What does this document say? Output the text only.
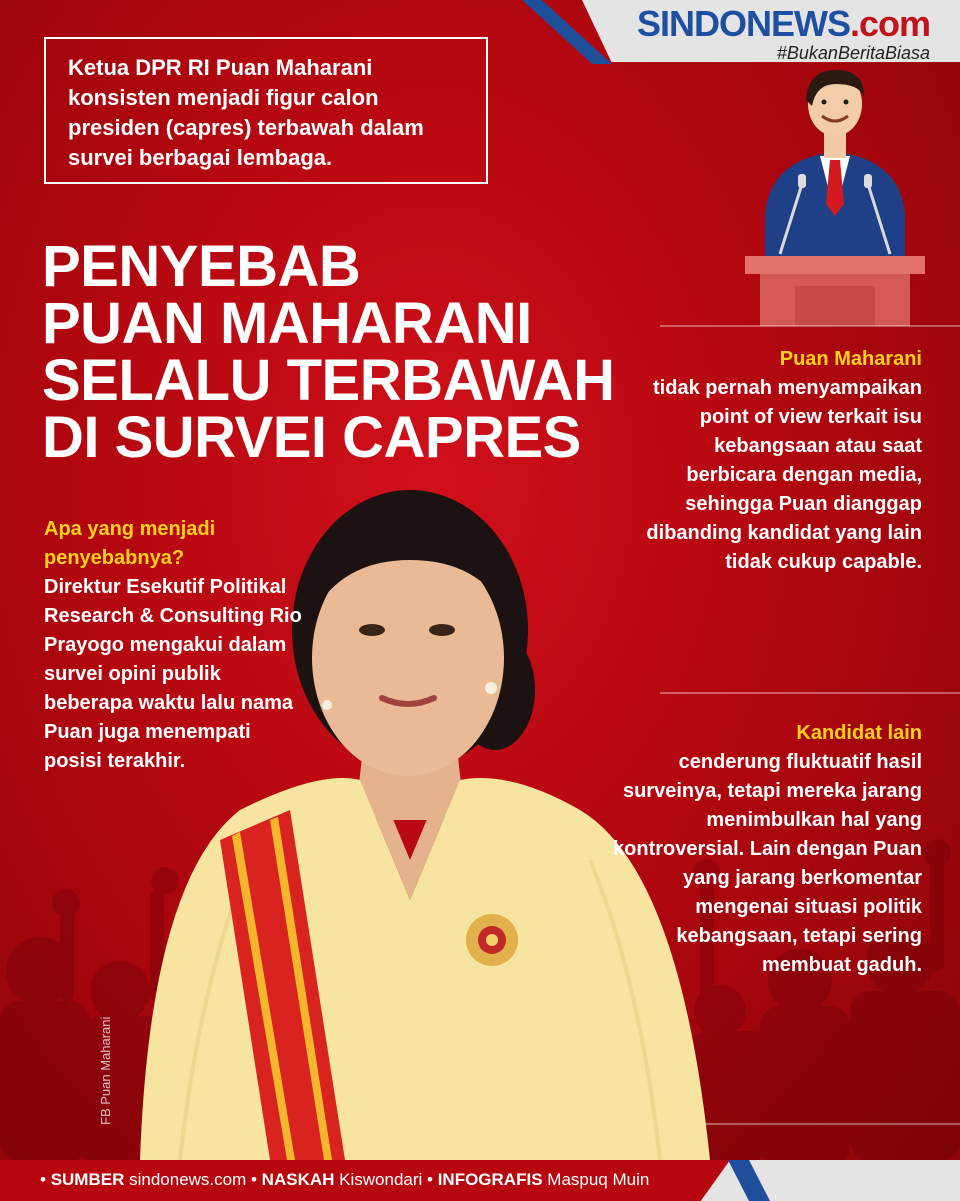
SINDONEWS.com
#BukanBeritaBiasa
Ketua DPR RI Puan Maharani konsisten menjadi figur calon presiden (capres) terbawah dalam survei berbagai lembaga.
PENYEBAB
PUAN MAHARANI
SELALU TERBAWAH
DI SURVEI CAPRES
FB Puan Maharani
Apa yang menjadi penyebabnya?
Direktur Esekutif Politikal Research & Consulting Rio Prayogo mengakui dalam survei opini publik beberapa waktu lalu nama Puan juga menempati posisi terakhir.
Puan Maharani
tidak pernah menyampaikan point of view terkait isu kebangsaan atau saat berbicara dengan media, sehingga Puan dianggap dibanding kandidat yang lain tidak cukup capable.
Kandidat lain
cenderung fluktuatif hasil surveinya, tetapi mereka jarang menimbulkan hal yang kontroversial. Lain dengan Puan yang jarang berkomentar mengenai situasi politik kebangsaan, tetapi sering membuat gaduh.
• SUMBER sindonews.com • NASKAH Kiswondari • INFOGRAFIS Maspuq Muin
